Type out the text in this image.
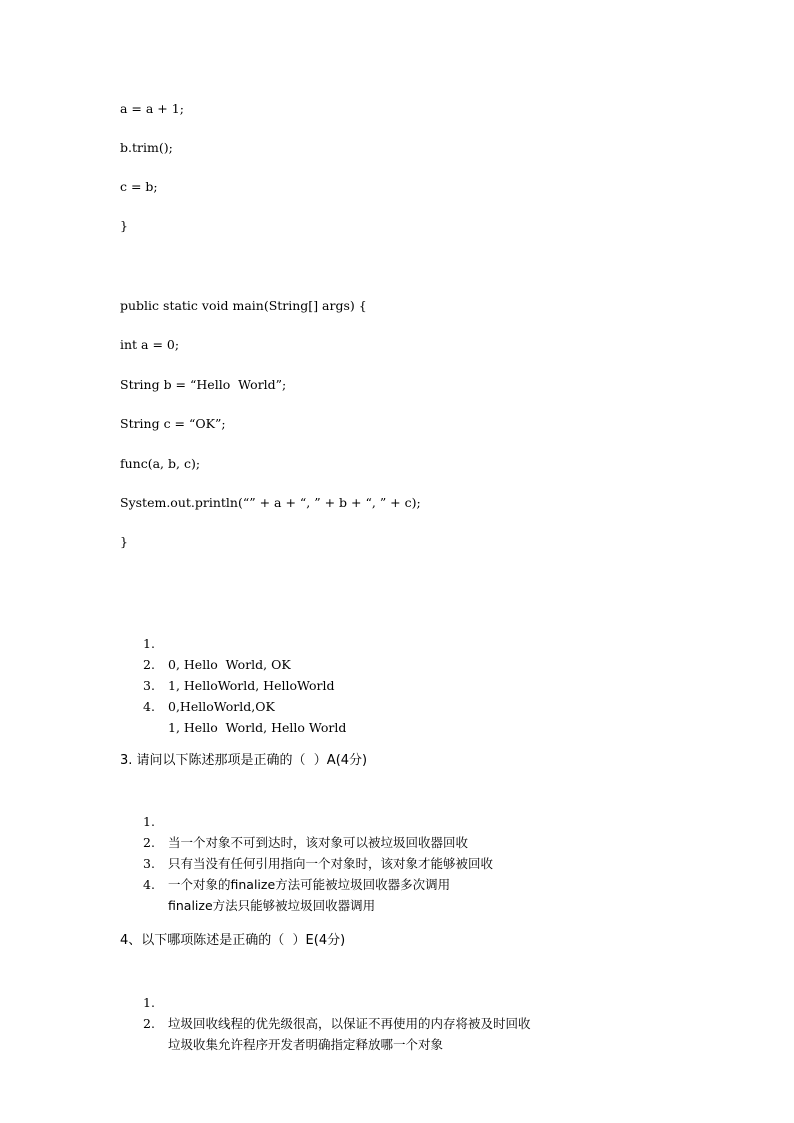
a = a + 1;
b.trim();
c = b;
}
public static void main(String[] args) {
int a = 0;
String b = “Hello  World”;
String c = “OK”;
func(a, b, c);
System.out.println(“” + a + “, ” + b + “, ” + c);
}

1.

0, Hello  World, OK

2.

1, HelloWorld, HelloWorld

3.

0,HelloWorld,OK

4.

1, Hello  World, Hello World

3. 请问以下陈述那项是正确的（  ）A(4分)

1.

当一个对象不可到达时，该对象可以被垃圾回收器回收

2.

只有当没有任何引用指向一个对象时，该对象才能够被回收

3.

一个对象的finalize方法可能被垃圾回收器多次调用

4.

finalize方法只能够被垃圾回收器调用

4、以下哪项陈述是正确的（  ）E(4分)

1.

垃圾回收线程的优先级很高，以保证不再使用的内存将被及时回收

2.

垃圾收集允许程序开发者明确指定释放哪一个对象
